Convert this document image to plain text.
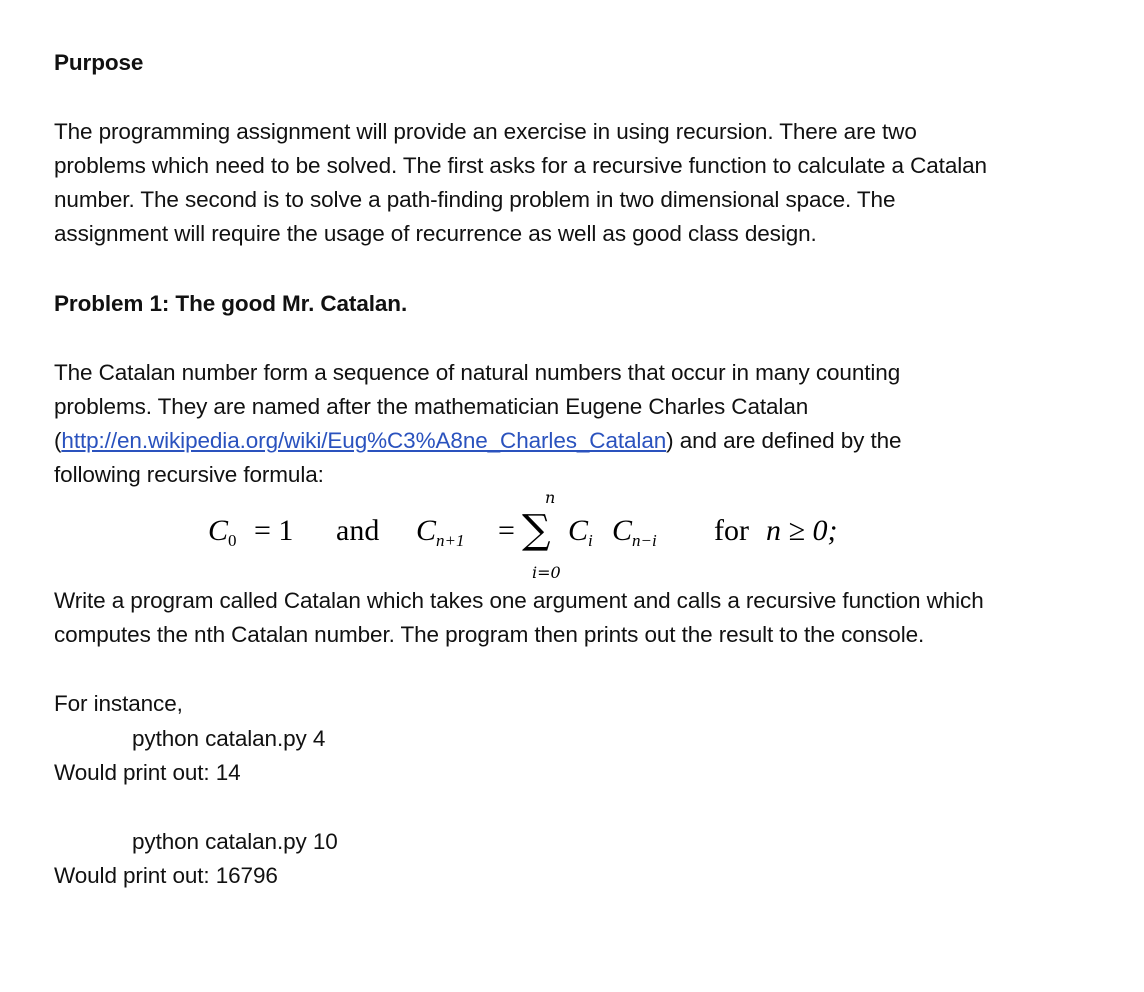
Purpose
The programming assignment will provide an exercise in using recursion. There are two
problems which need to be solved. The first asks for a recursive function to calculate a Catalan
number. The second is to solve a path-finding problem in two dimensional space. The
assignment will require the usage of recurrence as well as good class design.
Problem 1: The good Mr. Catalan.
The Catalan number form a sequence of natural numbers that occur in many counting
problems. They are named after the mathematician Eugene Charles Catalan
(http://en.wikipedia.org/wiki/Eug%C3%A8ne_Charles_Catalan) and are defined by the
following recursive formula:
$C_0 = 1$ and $C_{n+1}$ =
n
∑
i=0
$C_i$ $C_{n-i}$ for n ≥ 0;
Write a program called Catalan which takes one argument and calls a recursive function which
computes the nth Catalan number. The program then prints out the result to the console.
For instance,
python catalan.py 4
Would print out: 14
python catalan.py 10
Would print out: 16796
